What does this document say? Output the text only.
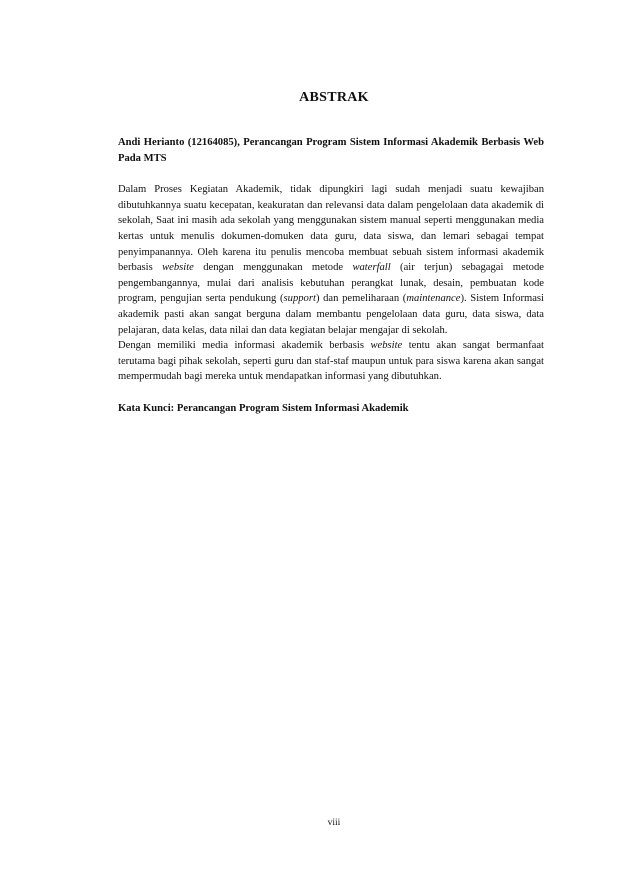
ABSTRAK

Andi Herianto (12164085), Perancangan Program Sistem Informasi Akademik Berbasis Web Pada MTS

Dalam Proses Kegiatan Akademik, tidak dipungkiri lagi sudah menjadi suatu kewajiban dibutuhkannya suatu kecepatan, keakuratan dan relevansi data dalam pengelolaan data akademik di sekolah, Saat ini masih ada sekolah yang menggunakan sistem manual seperti menggunakan media kertas untuk menulis dokumen-domuken data guru, data siswa, dan lemari sebagai tempat penyimpanannya. Oleh karena itu penulis mencoba membuat sebuah sistem informasi akademik berbasis website dengan menggunakan metode waterfall (air terjun) sebagagai metode pengembangannya, mulai dari analisis kebutuhan perangkat lunak, desain, pembuatan kode program, pengujian serta pendukung (support) dan pemeliharaan (maintenance). Sistem Informasi akademik pasti akan sangat berguna dalam membantu pengelolaan data guru, data siswa, data pelajaran, data kelas, data nilai dan data kegiatan belajar mengajar di sekolah.

Dengan memiliki media informasi akademik berbasis website tentu akan sangat bermanfaat terutama bagi pihak sekolah, seperti guru dan staf-staf maupun untuk para siswa karena akan sangat mempermudah bagi mereka untuk mendapatkan informasi yang dibutuhkan.

Kata Kunci: Perancangan Program Sistem Informasi Akademik

viii
